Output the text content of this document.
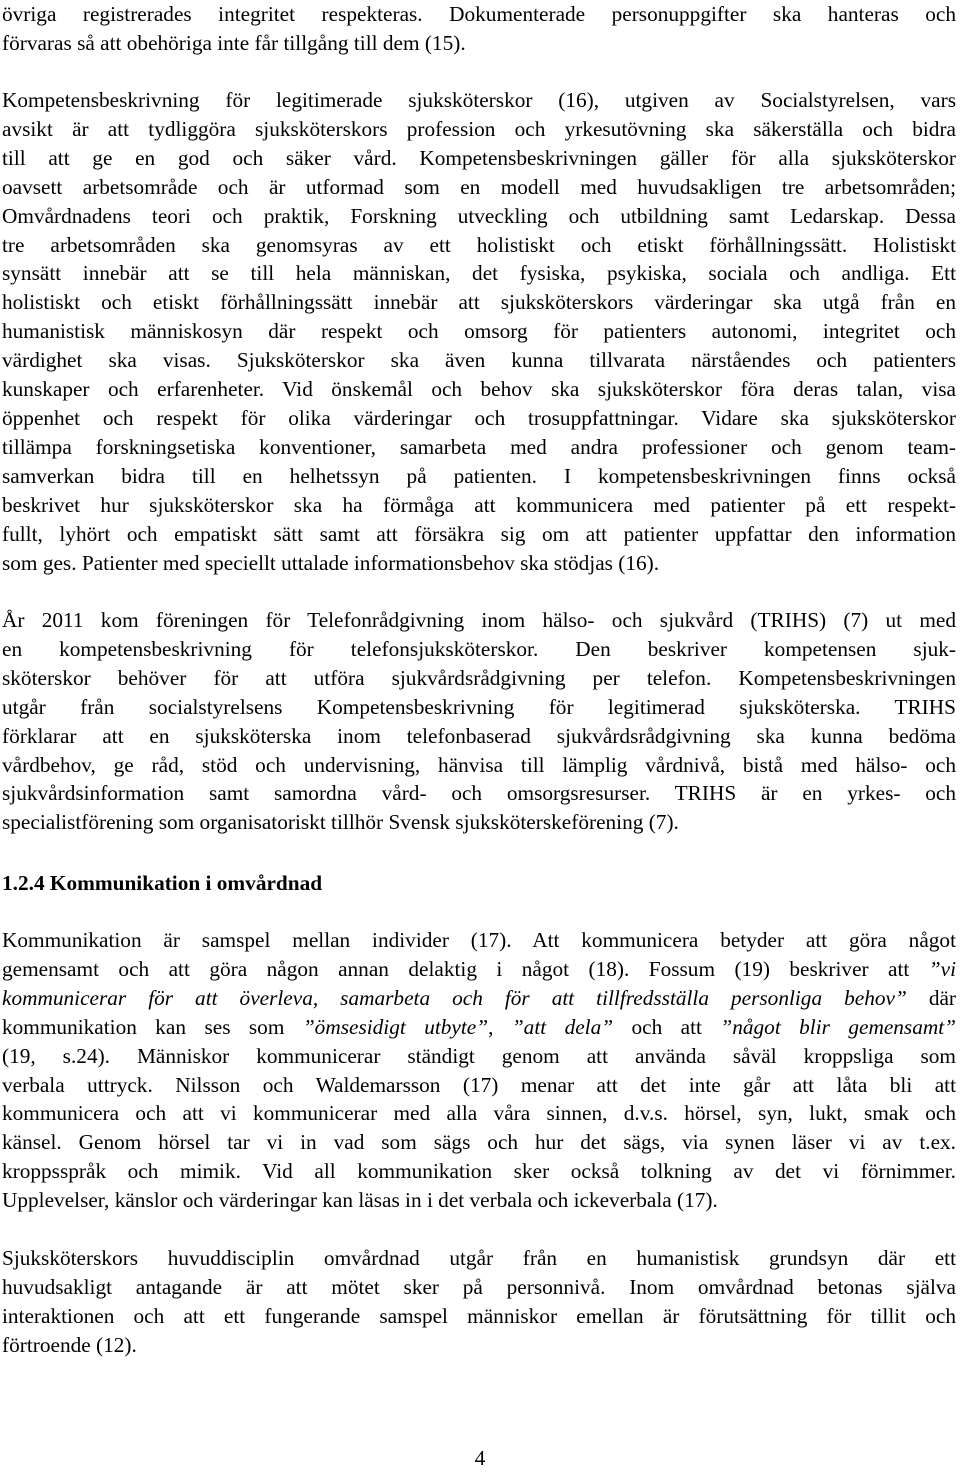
övriga registrerades integritet respekteras. Dokumenterade personuppgifter ska hanteras och
förvaras så att obehöriga inte får tillgång till dem (15).
Kompetensbeskrivning för legitimerade sjuksköterskor (16), utgiven av Socialstyrelsen, vars
avsikt är att tydliggöra sjuksköterskors profession och yrkesutövning ska säkerställa och bidra
till att ge en god och säker vård. Kompetensbeskrivningen gäller för alla sjuksköterskor
oavsett arbetsområde och är utformad som en modell med huvudsakligen tre arbetsområden;
Omvårdnadens teori och praktik, Forskning utveckling och utbildning samt Ledarskap. Dessa
tre arbetsområden ska genomsyras av ett holistiskt och etiskt förhållningssätt. Holistiskt
synsätt innebär att se till hela människan, det fysiska, psykiska, sociala och andliga. Ett
holistiskt och etiskt förhållningssätt innebär att sjuksköterskors värderingar ska utgå från en
humanistisk människosyn där respekt och omsorg för patienters autonomi, integritet och
värdighet ska visas. Sjuksköterskor ska även kunna tillvarata närståendes och patienters
kunskaper och erfarenheter. Vid önskemål och behov ska sjuksköterskor föra deras talan, visa
öppenhet och respekt för olika värderingar och trosuppfattningar. Vidare ska sjuksköterskor
tillämpa forskningsetiska konventioner, samarbeta med andra professioner och genom team-
samverkan bidra till en helhetssyn på patienten. I kompetensbeskrivningen finns också
beskrivet hur sjuksköterskor ska ha förmåga att kommunicera med patienter på ett respekt-
fullt, lyhört och empatiskt sätt samt att försäkra sig om att patienter uppfattar den information
som ges. Patienter med speciellt uttalade informationsbehov ska stödjas (16).
År 2011 kom föreningen för Telefonrådgivning inom hälso- och sjukvård (TRIHS) (7) ut med
en kompetensbeskrivning för telefonsjuksköterskor. Den beskriver kompetensen sjuk-
sköterskor behöver för att utföra sjukvårdsrådgivning per telefon. Kompetensbeskrivningen
utgår från socialstyrelsens Kompetensbeskrivning för legitimerad sjuksköterska. TRIHS
förklarar att en sjuksköterska inom telefonbaserad sjukvårdsrådgivning ska kunna bedöma
vårdbehov, ge råd, stöd och undervisning, hänvisa till lämplig vårdnivå, bistå med hälso- och
sjukvårdsinformation samt samordna vård- och omsorgsresurser. TRIHS är en yrkes- och
specialistförening som organisatoriskt tillhör Svensk sjuksköterskeförening (7).
1.2.4 Kommunikation i omvårdnad
Kommunikation är samspel mellan individer (17). Att kommunicera betyder att göra något
gemensamt och att göra någon annan delaktig i något (18). Fossum (19) beskriver att ”vi
kommunicerar för att överleva, samarbeta och för att tillfredsställa personliga behov” där
kommunikation kan ses som ”ömsesidigt utbyte”, ”att dela” och att ”något blir gemensamt”
(19, s.24). Människor kommunicerar ständigt genom att använda såväl kroppsliga som
verbala uttryck. Nilsson och Waldemarsson (17) menar att det inte går att låta bli att
kommunicera och att vi kommunicerar med alla våra sinnen, d.v.s. hörsel, syn, lukt, smak och
känsel. Genom hörsel tar vi in vad som sägs och hur det sägs, via synen läser vi av t.ex.
kroppsspråk och mimik. Vid all kommunikation sker också tolkning av det vi förnimmer.
Upplevelser, känslor och värderingar kan läsas in i det verbala och ickeverbala (17).
Sjuksköterskors huvuddisciplin omvårdnad utgår från en humanistisk grundsyn där ett
huvudsakligt antagande är att mötet sker på personnivå. Inom omvårdnad betonas själva
interaktionen och att ett fungerande samspel människor emellan är förutsättning för tillit och
förtroende (12).
4
